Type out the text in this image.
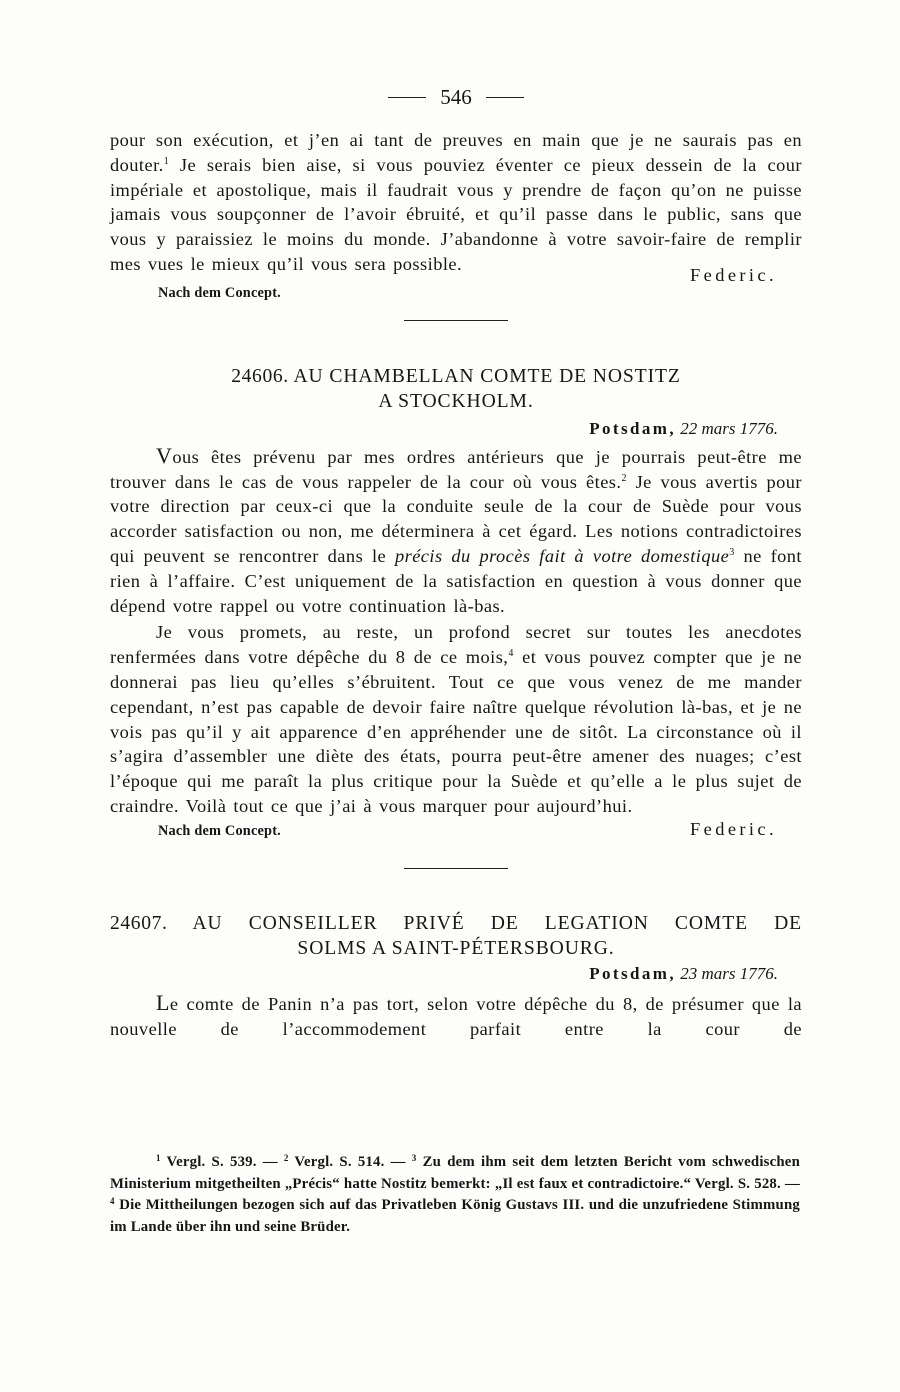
546

pour son exécution, et j’en ai tant de preuves en main que je ne saurais pas en douter.$^1$ Je serais bien aise, si vous pouviez éventer ce pieux dessein de la cour impériale et apostolique, mais il faudrait vous y prendre de façon qu’on ne puisse jamais vous soupçonner de l’avoir ébruité, et qu’il passe dans le public, sans que vous y paraissiez le moins du monde. J’abandonne à votre savoir-faire de remplir mes vues le mieux qu’il vous sera possible.

Federic.
Nach dem Concept.
24606. AU CHAMBELLAN COMTE DE NOSTITZ
A STOCKHOLM.
Potsdam, 22 mars 1776.

Vous êtes prévenu par mes ordres antérieurs que je pourrais peut-être me trouver dans le cas de vous rappeler de la cour où vous êtes.$^2$ Je vous avertis pour votre direction par ceux-ci que la conduite seule de la cour de Suède pour vous accorder satisfaction ou non, me déterminera à cet égard. Les notions contradictoires qui peuvent se rencontrer dans le précis du procès fait à votre domestique$^3$ ne font rien à l’affaire. C’est uniquement de la satisfaction en question à vous donner que dépend votre rappel ou votre continuation là-bas.

Je vous promets, au reste, un profond secret sur toutes les anecdotes renfermées dans votre dépêche du 8 de ce mois,$^4$ et vous pouvez compter que je ne donnerai pas lieu qu’elles s’ébruitent. Tout ce que vous venez de me mander cependant, n’est pas capable de devoir faire naître quelque révolution là-bas, et je ne vois pas qu’il y ait apparence d’en appréhender une de sitôt. La circonstance où il s’agira d’assembler une diète des états, pourra peut-être amener des nuages; c’est l’époque qui me paraît la plus critique pour la Suède et qu’elle a le plus sujet de craindre. Voilà tout ce que j’ai à vous marquer pour aujourd’hui.

Nach dem Concept.	Federic.
24607. AU CONSEILLER PRIVÉ DE LEGATION COMTE DE
SOLMS A SAINT-PÉTERSBOURG.
Potsdam, 23 mars 1776.

Le comte de Panin n’a pas tort, selon votre dépêche du 8, de présumer que la nouvelle de l’accommodement parfait entre la cour de

$^1$ Vergl. S. 539. — $^2$ Vergl. S. 514. — $^3$ Zu dem ihm seit dem letzten Bericht vom schwedischen Ministerium mitgetheilten „Précis“ hatte Nostitz bemerkt: „Il est faux et contradictoire.“ Vergl. S. 528. — $^4$ Die Mittheilungen bezogen sich auf das Privatleben König Gustavs III. und die unzufriedene Stimmung im Lande über ihn und seine Brüder.
